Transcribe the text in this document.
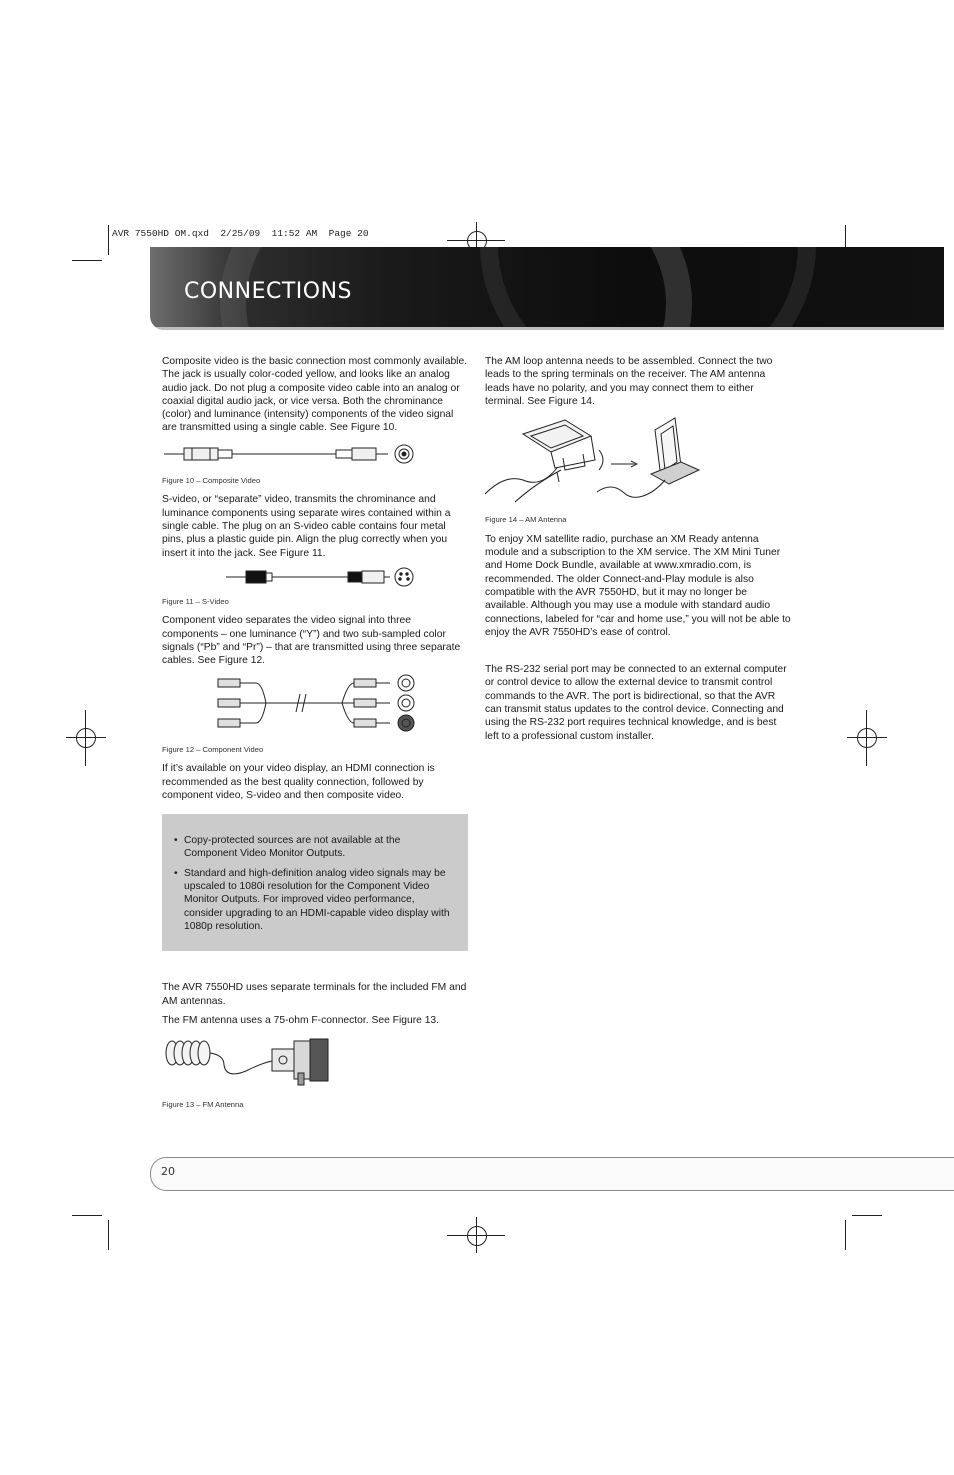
AVR 7550HD OM.qxd  2/25/09  11:52 AM  Page 20
CONNECTIONS

Composite video is the basic connection most commonly available. The jack is usually color-coded yellow, and looks like an analog audio jack. Do not plug a composite video cable into an analog or coaxial digital audio jack, or vice versa. Both the chrominance (color) and luminance (intensity) components of the video signal are transmitted using a single cable. See Figure 10.

Figure 10 – Composite Video

S-video, or “separate” video, transmits the chrominance and luminance components using separate wires contained within a single cable. The plug on an S-video cable contains four metal pins, plus a plastic guide pin. Align the plug correctly when you insert it into the jack. See Figure 11.

Figure 11 – S-Video

Component video separates the video signal into three components – one luminance (“Y”) and two sub-sampled color signals (“Pb” and “Pr”) – that are transmitted using three separate cables. See Figure 12.

Figure 12 – Component Video

If it’s available on your video display, an HDMI connection is recommended as the best quality connection, followed by component video, S-video and then composite video.

• Copy-protected sources are not available at the Component Video Monitor Outputs.
• Standard and high-definition analog video signals may be upscaled to 1080i resolution for the Component Video Monitor Outputs. For improved video performance, consider upgrading to an HDMI-capable video display with 1080p resolution.

The AVR 7550HD uses separate terminals for the included FM and AM antennas.

The FM antenna uses a 75-ohm F-connector. See Figure 13.

Figure 13 – FM Antenna

The AM loop antenna needs to be assembled. Connect the two leads to the spring terminals on the receiver. The AM antenna leads have no polarity, and you may connect them to either terminal. See Figure 14.

Figure 14 – AM Antenna

To enjoy XM satellite radio, purchase an XM Ready antenna module and a subscription to the XM service. The XM Mini Tuner and Home Dock Bundle, available at www.xmradio.com, is recommended. The older Connect-and-Play module is also compatible with the AVR 7550HD, but it may no longer be available. Although you may use a module with standard audio connections, labeled for “car and home use,” you will not be able to enjoy the AVR 7550HD’s ease of control.

The RS-232 serial port may be connected to an external computer or control device to allow the external device to transmit control commands to the AVR. The port is bidirectional, so that the AVR can transmit status updates to the control device. Connecting and using the RS-232 port requires technical knowledge, and is best left to a professional custom installer.

20
